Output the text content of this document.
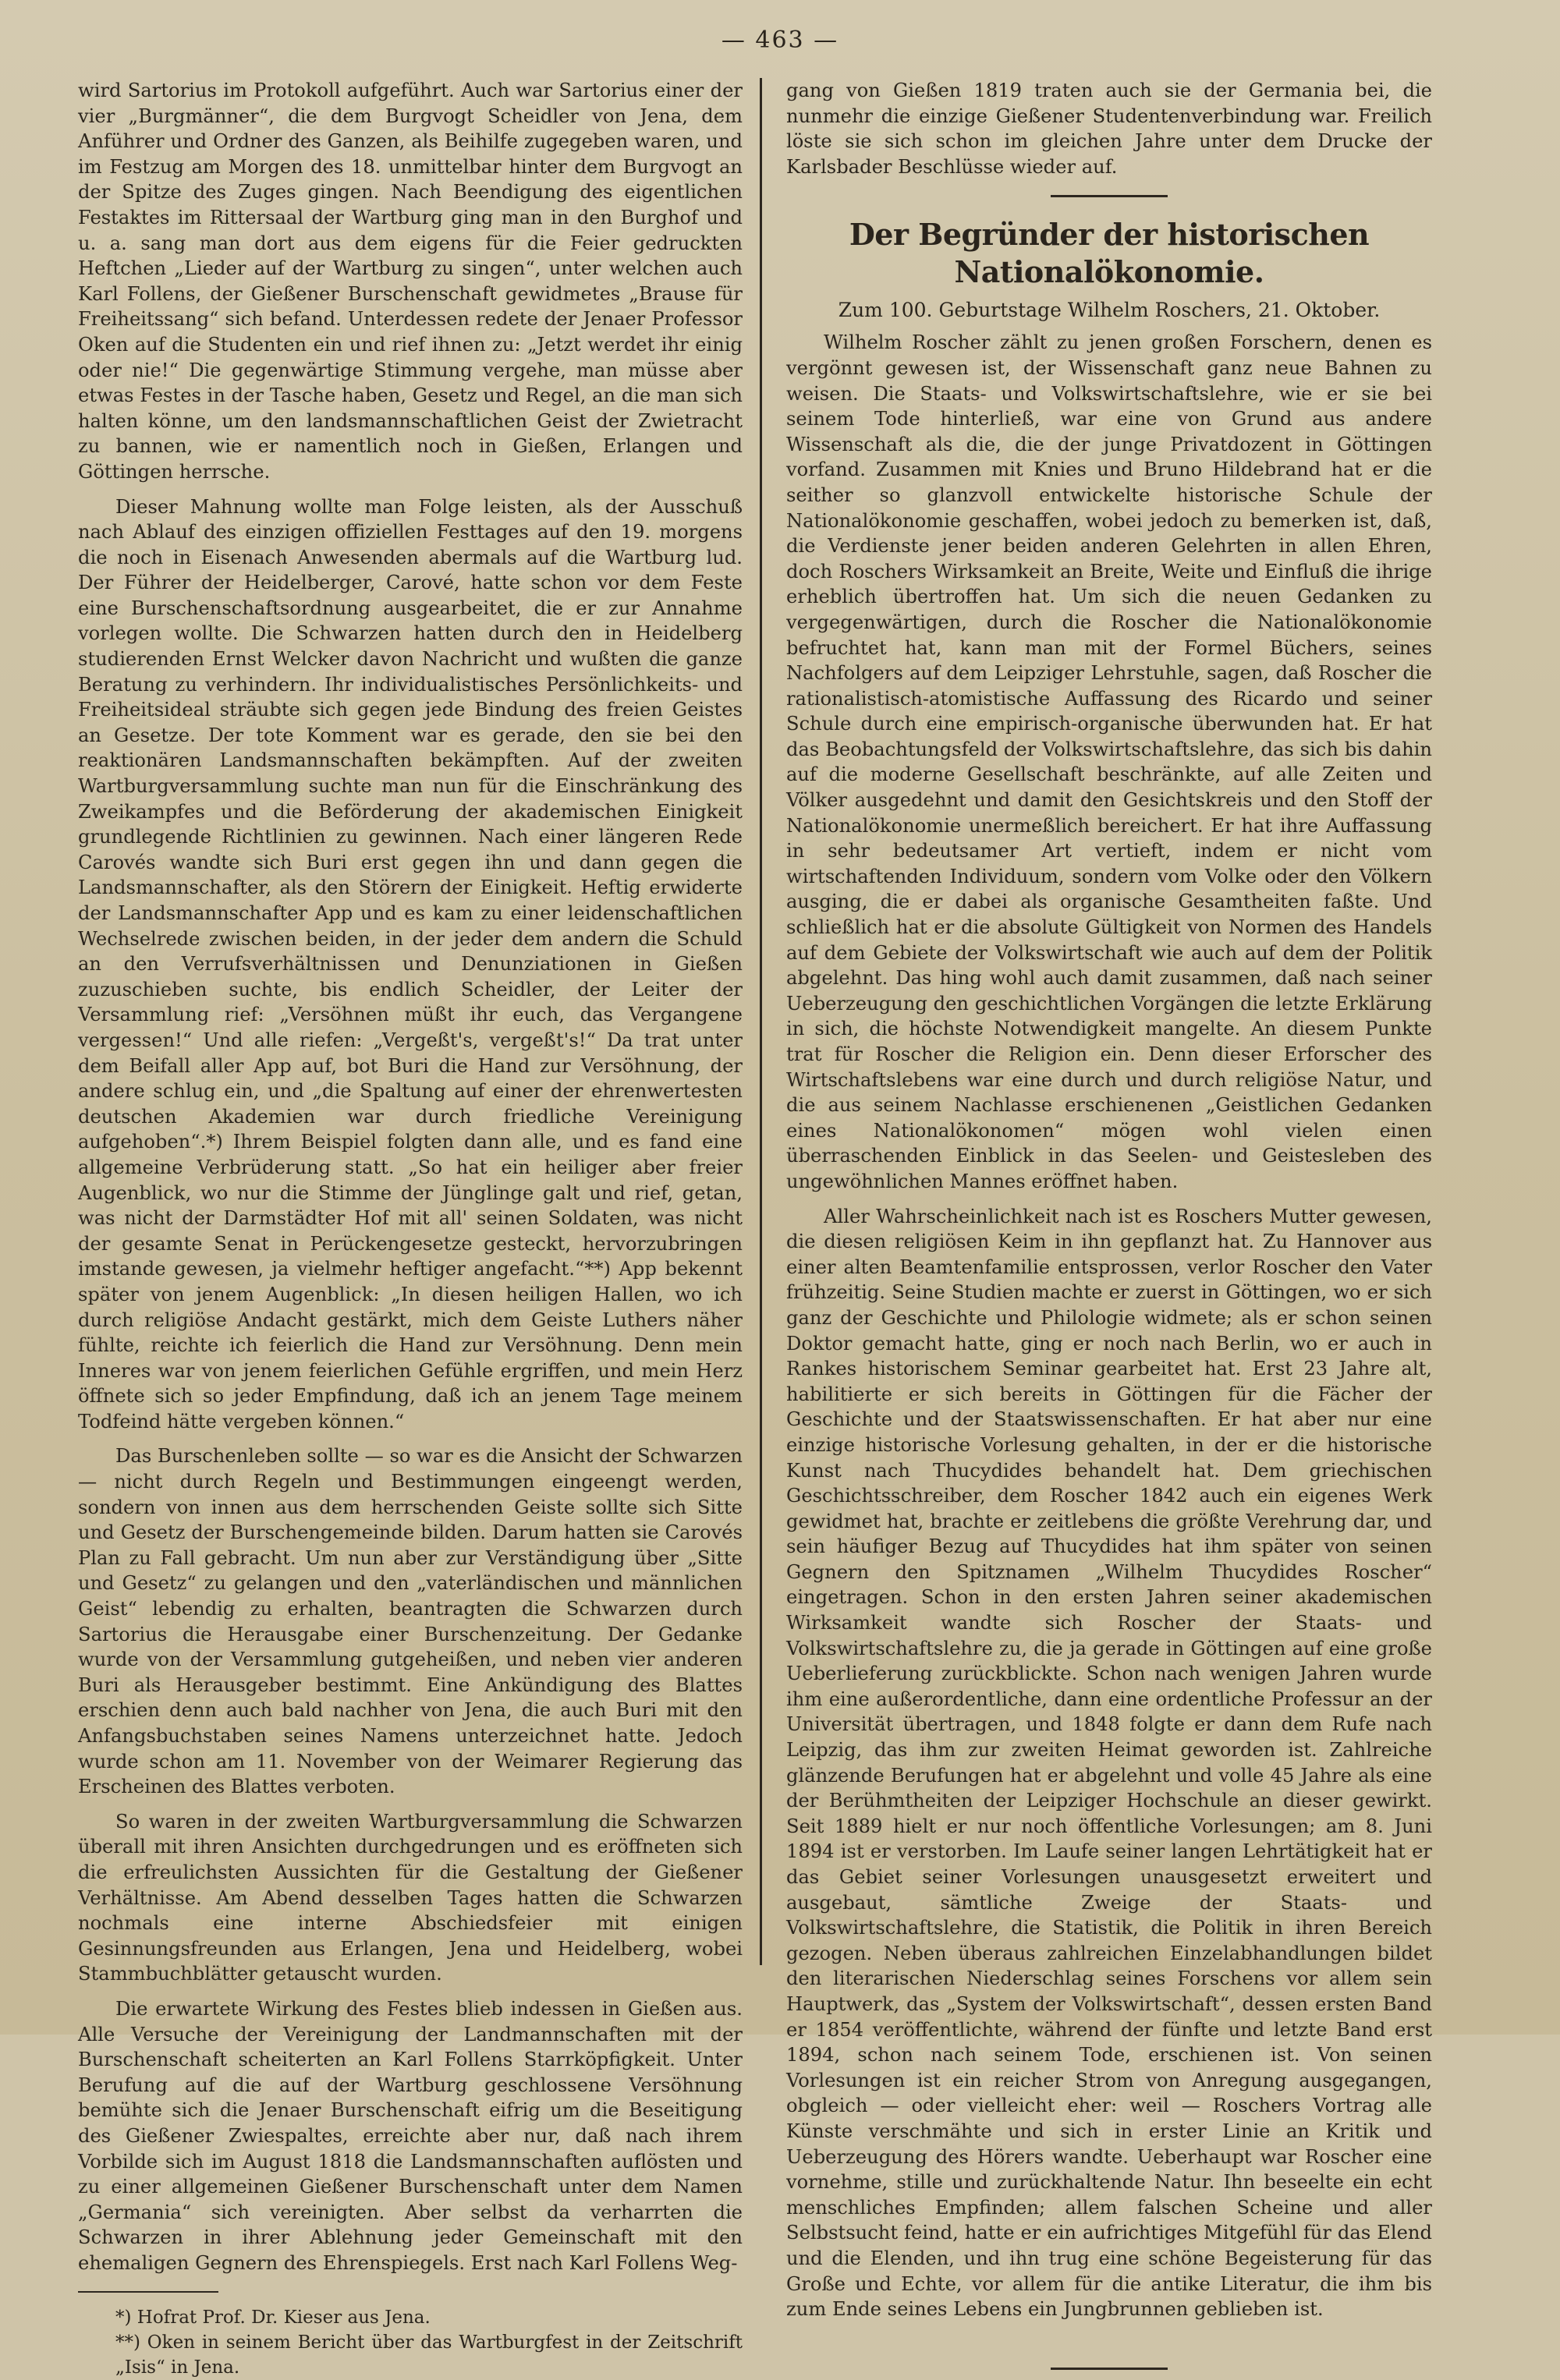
— 463 —

wird Sartorius im Protokoll aufgeführt. Auch war Sartorius einer der vier „Burgmänner“, die dem Burgvogt Scheidler von Jena, dem Anführer und Ordner des Ganzen, als Beihilfe zugegeben waren, und im Festzug am Morgen des 18. unmittelbar hinter dem Burgvogt an der Spitze des Zuges gingen. Nach Beendigung des eigentlichen Festaktes im Rittersaal der Wartburg ging man in den Burghof und u. a. sang man dort aus dem eigens für die Feier gedruckten Heftchen „Lieder auf der Wartburg zu singen“, unter welchen auch Karl Follens, der Gießener Burschenschaft gewidmetes „Brause für Freiheitssang“ sich befand. Unterdessen redete der Jenaer Professor Oken auf die Studenten ein und rief ihnen zu: „Jetzt werdet ihr einig oder nie!“ Die gegenwärtige Stimmung vergehe, man müsse aber etwas Festes in der Tasche haben, Gesetz und Regel, an die man sich halten könne, um den landsmannschaftlichen Geist der Zwietracht zu bannen, wie er namentlich noch in Gießen, Erlangen und Göttingen herrsche.

Dieser Mahnung wollte man Folge leisten, als der Ausschuß nach Ablauf des einzigen offiziellen Festtages auf den 19. morgens die noch in Eisenach Anwesenden abermals auf die Wartburg lud. Der Führer der Heidelberger, Carové, hatte schon vor dem Feste eine Burschenschaftsordnung ausgearbeitet, die er zur Annahme vorlegen wollte. Die Schwarzen hatten durch den in Heidelberg studierenden Ernst Welcker davon Nachricht und wußten die ganze Beratung zu verhindern. Ihr individualistisches Persönlichkeits- und Freiheitsideal sträubte sich gegen jede Bindung des freien Geistes an Gesetze. Der tote Komment war es gerade, den sie bei den reaktionären Landsmannschaften bekämpften. Auf der zweiten Wartburgversammlung suchte man nun für die Einschränkung des Zweikampfes und die Beförderung der akademischen Einigkeit grundlegende Richtlinien zu gewinnen. Nach einer längeren Rede Carovés wandte sich Buri erst gegen ihn und dann gegen die Landsmannschafter, als den Störern der Einigkeit. Heftig erwiderte der Landsmannschafter App und es kam zu einer leidenschaftlichen Wechselrede zwischen beiden, in der jeder dem andern die Schuld an den Verrufsverhältnissen und Denunziationen in Gießen zuzuschieben suchte, bis endlich Scheidler, der Leiter der Versammlung rief: „Versöhnen müßt ihr euch, das Vergangene vergessen!“ Und alle riefen: „Vergeßt's, vergeßt's!“ Da trat unter dem Beifall aller App auf, bot Buri die Hand zur Versöhnung, der andere schlug ein, und „die Spaltung auf einer der ehrenwertesten deutschen Akademien war durch friedliche Vereinigung aufgehoben“.*) Ihrem Beispiel folgten dann alle, und es fand eine allgemeine Verbrüderung statt. „So hat ein heiliger aber freier Augenblick, wo nur die Stimme der Jünglinge galt und rief, getan, was nicht der Darmstädter Hof mit all' seinen Soldaten, was nicht der gesamte Senat in Perückengesetze gesteckt, hervorzubringen imstande gewesen, ja vielmehr heftiger angefacht.“**) App bekennt später von jenem Augenblick: „In diesen heiligen Hallen, wo ich durch religiöse Andacht gestärkt, mich dem Geiste Luthers näher fühlte, reichte ich feierlich die Hand zur Versöhnung. Denn mein Inneres war von jenem feierlichen Gefühle ergriffen, und mein Herz öffnete sich so jeder Empfindung, daß ich an jenem Tage meinem Todfeind hätte vergeben können.“

Das Burschenleben sollte — so war es die Ansicht der Schwarzen — nicht durch Regeln und Bestimmungen eingeengt werden, sondern von innen aus dem herrschenden Geiste sollte sich Sitte und Gesetz der Burschengemeinde bilden. Darum hatten sie Carovés Plan zu Fall gebracht. Um nun aber zur Verständigung über „Sitte und Gesetz“ zu gelangen und den „vaterländischen und männlichen Geist“ lebendig zu erhalten, beantragten die Schwarzen durch Sartorius die Herausgabe einer Burschenzeitung. Der Gedanke wurde von der Versammlung gutgeheißen, und neben vier anderen Buri als Herausgeber bestimmt. Eine Ankündigung des Blattes erschien denn auch bald nachher von Jena, die auch Buri mit den Anfangsbuchstaben seines Namens unterzeichnet hatte. Jedoch wurde schon am 11. November von der Weimarer Regierung das Erscheinen des Blattes verboten.

So waren in der zweiten Wartburgversammlung die Schwarzen überall mit ihren Ansichten durchgedrungen und es eröffneten sich die erfreulichsten Aussichten für die Gestaltung der Gießener Verhältnisse. Am Abend desselben Tages hatten die Schwarzen nochmals eine interne Abschiedsfeier mit einigen Gesinnungsfreunden aus Erlangen, Jena und Heidelberg, wobei Stammbuchblätter getauscht wurden.

Die erwartete Wirkung des Festes blieb indessen in Gießen aus. Alle Versuche der Vereinigung der Landmannschaften mit der Burschenschaft scheiterten an Karl Follens Starrköpfigkeit. Unter Berufung auf die auf der Wartburg geschlossene Versöhnung bemühte sich die Jenaer Burschenschaft eifrig um die Beseitigung des Gießener Zwiespaltes, erreichte aber nur, daß nach ihrem Vorbilde sich im August 1818 die Landsmannschaften auflösten und zu einer allgemeinen Gießener Burschenschaft unter dem Namen „Germania“ sich vereinigten. Aber selbst da verharrten die Schwarzen in ihrer Ablehnung jeder Gemeinschaft mit den ehemaligen Gegnern des Ehrenspiegels. Erst nach Karl Follens Weg-

*) Hofrat Prof. Dr. Kieser aus Jena.

**) Oken in seinem Bericht über das Wartburgfest in der Zeitschrift „Isis“ in Jena.

gang von Gießen 1819 traten auch sie der Germania bei, die nunmehr die einzige Gießener Studentenverbindung war. Freilich löste sie sich schon im gleichen Jahre unter dem Drucke der Karlsbader Beschlüsse wieder auf.

Der Begründer der historischen Nationalökonomie.
Zum 100. Geburtstage Wilhelm Roschers, 21. Oktober.

Wilhelm Roscher zählt zu jenen großen Forschern, denen es vergönnt gewesen ist, der Wissenschaft ganz neue Bahnen zu weisen. Die Staats- und Volkswirtschaftslehre, wie er sie bei seinem Tode hinterließ, war eine von Grund aus andere Wissenschaft als die, die der junge Privatdozent in Göttingen vorfand. Zusammen mit Knies und Bruno Hildebrand hat er die seither so glanzvoll entwickelte historische Schule der Nationalökonomie geschaffen, wobei jedoch zu bemerken ist, daß, die Verdienste jener beiden anderen Gelehrten in allen Ehren, doch Roschers Wirksamkeit an Breite, Weite und Einfluß die ihrige erheblich übertroffen hat. Um sich die neuen Gedanken zu vergegenwärtigen, durch die Roscher die Nationalökonomie befruchtet hat, kann man mit der Formel Büchers, seines Nachfolgers auf dem Leipziger Lehrstuhle, sagen, daß Roscher die rationalistisch-atomistische Auffassung des Ricardo und seiner Schule durch eine empirisch-organische überwunden hat. Er hat das Beobachtungsfeld der Volkswirtschaftslehre, das sich bis dahin auf die moderne Gesellschaft beschränkte, auf alle Zeiten und Völker ausgedehnt und damit den Gesichtskreis und den Stoff der Nationalökonomie unermeßlich bereichert. Er hat ihre Auffassung in sehr bedeutsamer Art vertieft, indem er nicht vom wirtschaftenden Individuum, sondern vom Volke oder den Völkern ausging, die er dabei als organische Gesamtheiten faßte. Und schließlich hat er die absolute Gültigkeit von Normen des Handels auf dem Gebiete der Volkswirtschaft wie auch auf dem der Politik abgelehnt. Das hing wohl auch damit zusammen, daß nach seiner Ueberzeugung den geschichtlichen Vorgängen die letzte Erklärung in sich, die höchste Notwendigkeit mangelte. An diesem Punkte trat für Roscher die Religion ein. Denn dieser Erforscher des Wirtschaftslebens war eine durch und durch religiöse Natur, und die aus seinem Nachlasse erschienenen „Geistlichen Gedanken eines Nationalökonomen“ mögen wohl vielen einen überraschenden Einblick in das Seelen- und Geistesleben des ungewöhnlichen Mannes eröffnet haben.

Aller Wahrscheinlichkeit nach ist es Roschers Mutter gewesen, die diesen religiösen Keim in ihn gepflanzt hat. Zu Hannover aus einer alten Beamtenfamilie entsprossen, verlor Roscher den Vater frühzeitig. Seine Studien machte er zuerst in Göttingen, wo er sich ganz der Geschichte und Philologie widmete; als er schon seinen Doktor gemacht hatte, ging er noch nach Berlin, wo er auch in Rankes historischem Seminar gearbeitet hat. Erst 23 Jahre alt, habilitierte er sich bereits in Göttingen für die Fächer der Geschichte und der Staatswissenschaften. Er hat aber nur eine einzige historische Vorlesung gehalten, in der er die historische Kunst nach Thucydides behandelt hat. Dem griechischen Geschichtsschreiber, dem Roscher 1842 auch ein eigenes Werk gewidmet hat, brachte er zeitlebens die größte Verehrung dar, und sein häufiger Bezug auf Thucydides hat ihm später von seinen Gegnern den Spitznamen „Wilhelm Thucydides Roscher“ eingetragen. Schon in den ersten Jahren seiner akademischen Wirksamkeit wandte sich Roscher der Staats- und Volkswirtschaftslehre zu, die ja gerade in Göttingen auf eine große Ueberlieferung zurückblickte. Schon nach wenigen Jahren wurde ihm eine außerordentliche, dann eine ordentliche Professur an der Universität übertragen, und 1848 folgte er dann dem Rufe nach Leipzig, das ihm zur zweiten Heimat geworden ist. Zahlreiche glänzende Berufungen hat er abgelehnt und volle 45 Jahre als eine der Berühmtheiten der Leipziger Hochschule an dieser gewirkt. Seit 1889 hielt er nur noch öffentliche Vorlesungen; am 8. Juni 1894 ist er verstorben. Im Laufe seiner langen Lehrtätigkeit hat er das Gebiet seiner Vorlesungen unausgesetzt erweitert und ausgebaut, sämtliche Zweige der Staats- und Volkswirtschaftslehre, die Statistik, die Politik in ihren Bereich gezogen. Neben überaus zahlreichen Einzelabhandlungen bildet den literarischen Niederschlag seines Forschens vor allem sein Hauptwerk, das „System der Volkswirtschaft“, dessen ersten Band er 1854 veröffentlichte, während der fünfte und letzte Band erst 1894, schon nach seinem Tode, erschienen ist. Von seinen Vorlesungen ist ein reicher Strom von Anregung ausgegangen, obgleich — oder vielleicht eher: weil — Roschers Vortrag alle Künste verschmähte und sich in erster Linie an Kritik und Ueberzeugung des Hörers wandte. Ueberhaupt war Roscher eine vornehme, stille und zurückhaltende Natur. Ihn beseelte ein echt menschliches Empfinden; allem falschen Scheine und aller Selbstsucht feind, hatte er ein aufrichtiges Mitgefühl für das Elend und die Elenden, und ihn trug eine schöne Begeisterung für das Große und Echte, vor allem für die antike Literatur, die ihm bis zum Ende seines Lebens ein Jungbrunnen geblieben ist.
